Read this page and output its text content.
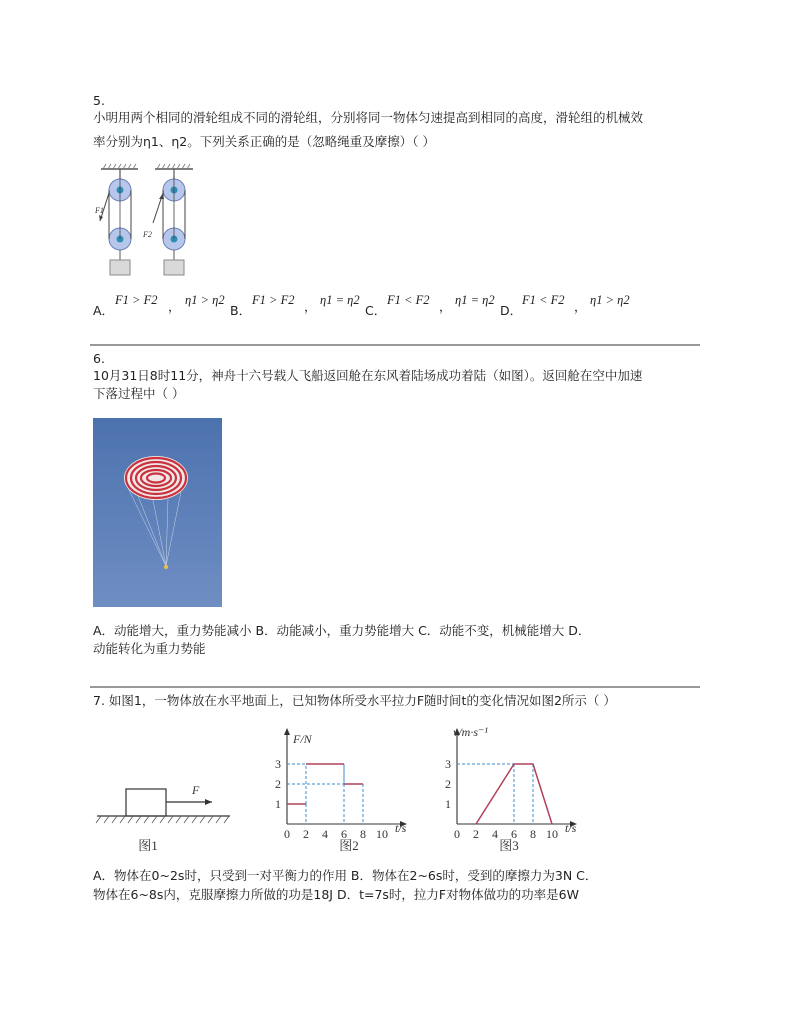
5.
小明用两个相同的滑轮组成不同的滑轮组，分别将同一物体匀速提高到相同的高度，滑轮组的机械效
率分别为η1、η2。下列关系正确的是（忽略绳重及摩擦）（ ）
F1
F2
A．
F1 > F2 ， η1 > η2
B．
F1 > F2 ， η1 = η2
C．
F1 < F2 ， η1 = η2
D．
F1 < F2 ， η1 > η2
6.
10月31日8时11分，神舟十六号载人飞船返回舱在东风着陆场成功着陆（如图）。返回舱在空中加速
下落过程中（ ）
A．动能增大，重力势能减小 B．动能减小，重力势能增大 C．动能不变，机械能增大 D．
动能转化为重力势能
7. 如图1，一物体放在水平地面上，已知物体所受水平拉力F随时间t的变化情况如图2所示（ ）
F
图1
F/N
t/s
图2
0 2 4 6 8 10
1
2
3
v/m·s⁻¹
t/s
图3
0 2 4 6 8 10
1
2
3
A．物体在0~2s时，只受到一对平衡力的作用 B．物体在2~6s时，受到的摩擦力为3N C．
物体在6~8s内，克服摩擦力所做的功是18J D．t=7s时，拉力F对物体做功的功率是6W
